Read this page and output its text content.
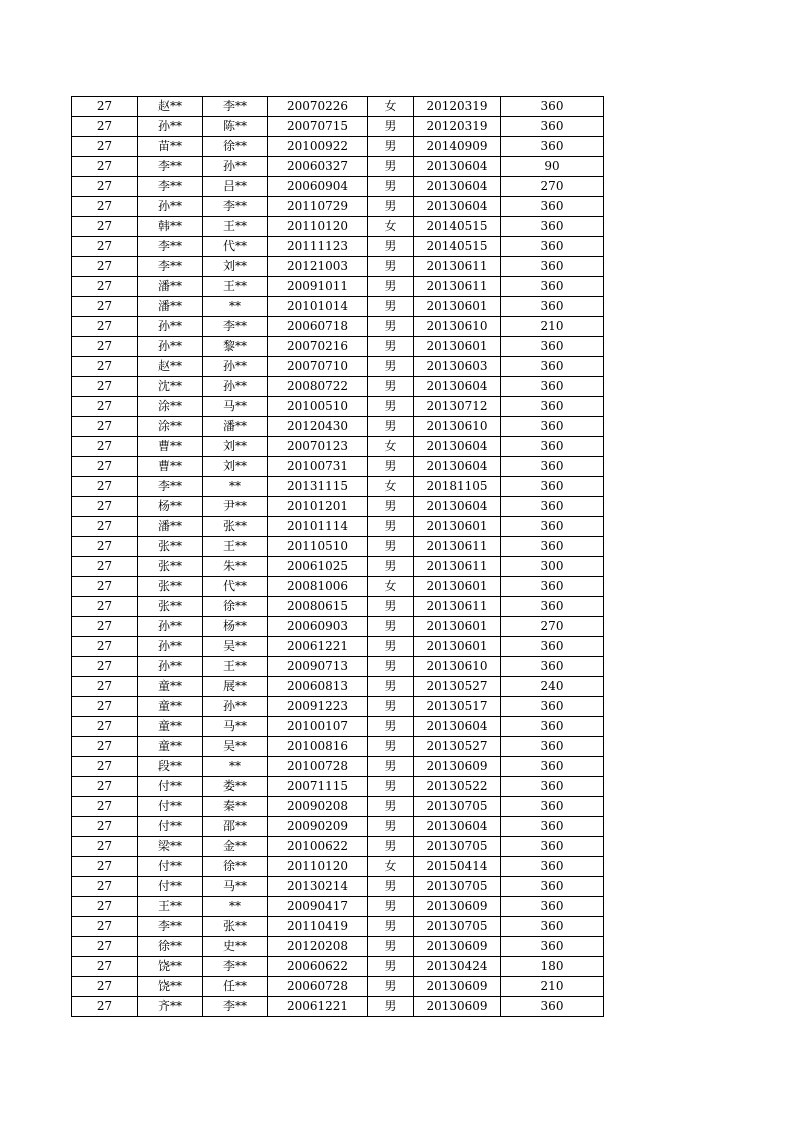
27	赵**	李**	20070226	女	20120319	360
27	孙**	陈**	20070715	男	20120319	360
27	苗**	徐**	20100922	男	20140909	360
27	李**	孙**	20060327	男	20130604	90
27	李**	吕**	20060904	男	20130604	270
27	孙**	李**	20110729	男	20130604	360
27	韩**	王**	20110120	女	20140515	360
27	李**	代**	20111123	男	20140515	360
27	李**	刘**	20121003	男	20130611	360
27	潘**	王**	20091011	男	20130611	360
27	潘**	**	20101014	男	20130601	360
27	孙**	李**	20060718	男	20130610	210
27	孙**	黎**	20070216	男	20130601	360
27	赵**	孙**	20070710	男	20130603	360
27	沈**	孙**	20080722	男	20130604	360
27	涂**	马**	20100510	男	20130712	360
27	涂**	潘**	20120430	男	20130610	360
27	曹**	刘**	20070123	女	20130604	360
27	曹**	刘**	20100731	男	20130604	360
27	李**	**	20131115	女	20181105	360
27	杨**	尹**	20101201	男	20130604	360
27	潘**	张**	20101114	男	20130601	360
27	张**	王**	20110510	男	20130611	360
27	张**	朱**	20061025	男	20130611	300
27	张**	代**	20081006	女	20130601	360
27	张**	徐**	20080615	男	20130611	360
27	孙**	杨**	20060903	男	20130601	270
27	孙**	吴**	20061221	男	20130601	360
27	孙**	王**	20090713	男	20130610	360
27	童**	展**	20060813	男	20130527	240
27	童**	孙**	20091223	男	20130517	360
27	童**	马**	20100107	男	20130604	360
27	童**	吴**	20100816	男	20130527	360
27	段**	**	20100728	男	20130609	360
27	付**	娄**	20071115	男	20130522	360
27	付**	秦**	20090208	男	20130705	360
27	付**	邵**	20090209	男	20130604	360
27	梁**	金**	20100622	男	20130705	360
27	付**	徐**	20110120	女	20150414	360
27	付**	马**	20130214	男	20130705	360
27	王**	**	20090417	男	20130609	360
27	李**	张**	20110419	男	20130705	360
27	徐**	史**	20120208	男	20130609	360
27	饶**	李**	20060622	男	20130424	180
27	饶**	任**	20060728	男	20130609	210
27	齐**	李**	20061221	男	20130609	360
